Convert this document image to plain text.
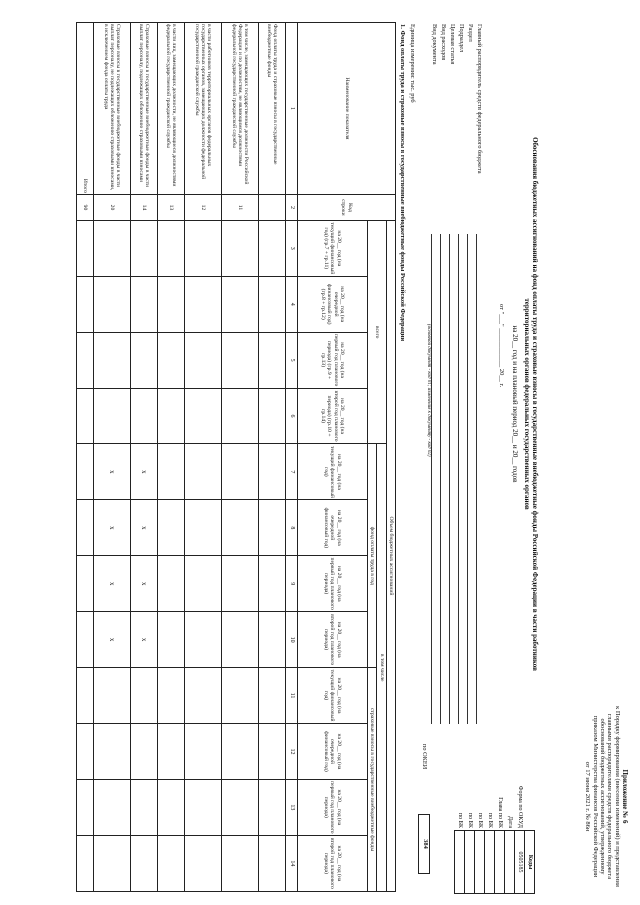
Приложение № 6
к Порядку формирования (внесения изменений) и представления
главными распорядителями средств федерального бюджета
обоснований бюджетных ассигнований, утвержденному
приказом Министерства финансов Российской Федерации
от 17 июня 2021 г. № 86н
Обоснования бюджетных ассигнований на фонд оплаты труда и страховые взносы в государственные внебюджетные фонды Российской Федерации в части работников территориальных органов федеральных государственных органов
на 20__ год и на плановый период 20__ и 20__ годов
от "___" ____________ 20__ г.
	Коды
Форма по ОКУД	0505185
Дата	
Глава по БК	
по БК	
по БК	
по БК	
по БК	
Главный распорядитель средств федерального бюджета
Раздел
Подраздел
Целевая статья
Вид расходов
Вид документа
(основной документ - код 01; изменения к документу - код 02)
по ОКЕИ
384
Единица измерения: тыс. руб
1. Фонд оплаты труда и страховые взносы в государственные внебюджетные фонды Российской Федерации
Наименование показателя	Код строки	Объем бюджетных ассигнований											
		всего				в том числе							
						фонд оплаты труда в год				страховые взносы в государственные внебюджетные фонды			
		на 20__ год (на текущий финансовый год) (гр.7 + гр.11)	на 20__ год (на очередной финансовый год) (гр.8 + гр.12)	на 20__ год (на первый год планового периода) (гр.9 + гр.13)	на 20__ год (на второй год планового периода) (гр.10 + гр.14)	на 20__ год (на текущий финансовый год)	на 20__ год (на очередной финансовый год)	на 20__ год (на первый год планового периода)	на 20__ год (на второй год планового периода)	на 20__ год (на текущий финансовый год)	на 20__ год (на очередной финансовый год)	на 20__ год (на первый год планового периода)	на 20__ год (на второй год планового периода)
1	2	3	4	5	6	7	8	9	10	11	12	13	14
Фонд оплаты труда и страховые взносы в государственные внебюджетные фонды													
в том числе, замещающих государственные должности Российской Федерации и по должностям, не являющимся должностями федеральной государственной гражданской службы	11												
в части работников территориальных органов федеральных государственных органов, замещающих должности федеральной государственной гражданской службы	12												
в части лиц, замещающих должности, не являющиеся должностями федеральной государственной гражданской службы	13												
Страховые взносы в государственные внебюджетные фонды в части выплат персоналу, подлежащих обложению страховыми взносами	14					x	x	x	x				
Страховые взносы в государственные внебюджетные фонды в части выплат персоналу, не подлежащих обложению страховыми взносами, в исключением фонда оплаты труда	20					x	x	x	x				
Итого	90												
